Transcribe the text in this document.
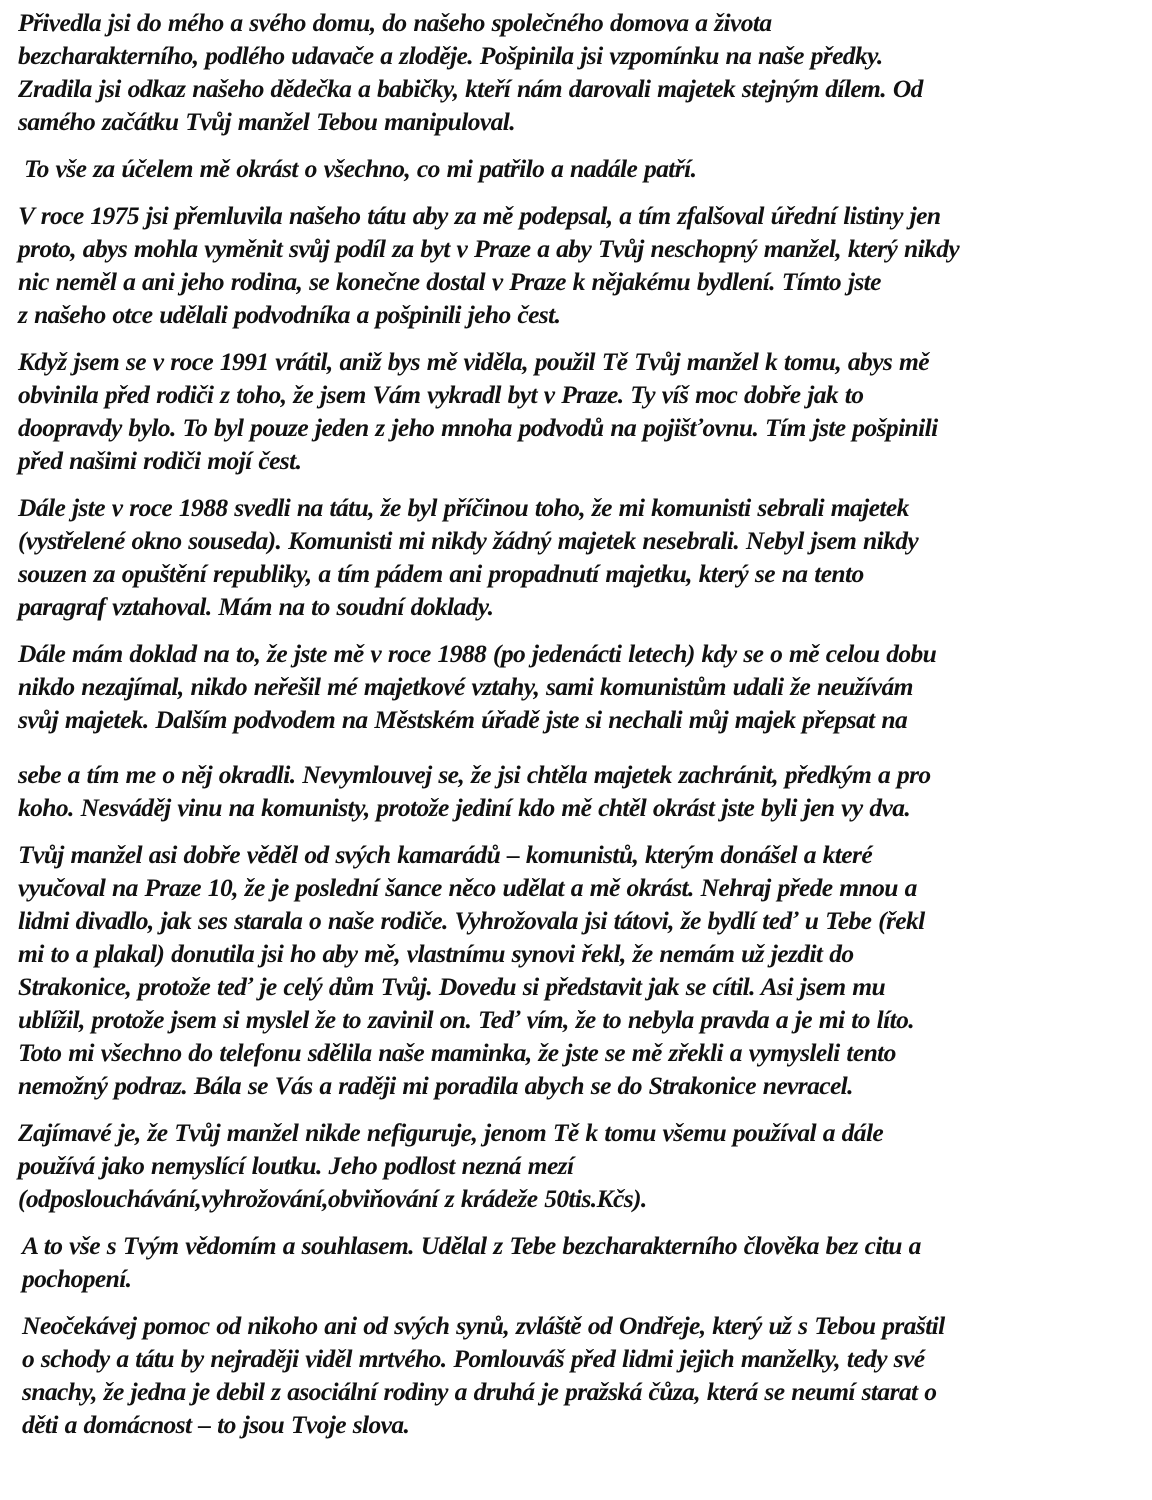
Přivedla jsi do mého a svého domu, do našeho společného domova a života
bezcharakterního, podlého udavače a zloděje. Pošpinila jsi vzpomínku na naše předky.
Zradila jsi odkaz našeho dědečka a babičky, kteří nám darovali majetek stejným dílem. Od
samého začátku Tvůj manžel Tebou manipuloval.
To vše za účelem mě okrást o všechno, co mi patřilo a nadále patří.
V roce 1975 jsi přemluvila našeho tátu aby za mě podepsal, a tím zfalšoval úřední listiny jen
proto, abys mohla vyměnit svůj podíl za byt v Praze a aby Tvůj neschopný manžel, který nikdy
nic neměl a ani jeho rodina, se konečne dostal v Praze k nějakému bydlení. Tímto jste
z našeho otce udělali podvodníka a pošpinili jeho čest.
Když jsem se v roce 1991 vrátil, aniž bys mě viděla, použil Tě Tvůj manžel k tomu, abys mě
obvinila před rodiči z toho, že jsem Vám vykradl byt v Praze. Ty víš moc dobře jak to
doopravdy bylo. To byl pouze jeden z jeho mnoha podvodů na pojišťovnu. Tím jste pošpinili
před našimi rodiči mojí čest.
Dále jste v roce 1988 svedli na tátu, že byl příčinou toho, že mi komunisti sebrali majetek
(vystřelené okno souseda). Komunisti mi nikdy žádný majetek nesebrali. Nebyl jsem nikdy
souzen za opuštění republiky, a tím pádem ani propadnutí majetku, který se na tento
paragraf vztahoval. Mám na to soudní doklady.
Dále mám doklad na to, že jste mě v roce 1988 (po jedenácti letech) kdy se o mě celou dobu
nikdo nezajímal, nikdo neřešil mé majetkové vztahy, sami komunistům udali že neužívám
svůj majetek. Dalším podvodem na Městském úřadě jste si nechali můj majek přepsat na
sebe a tím me o něj okradli. Nevymlouvej se, že jsi chtěla majetek zachránit, předkým a pro
koho. Nesváděj vinu na komunisty, protože jediní kdo mě chtěl okrást jste byli jen vy dva.
Tvůj manžel asi dobře věděl od svých kamarádů – komunistů, kterým donášel a které
vyučoval na Praze 10, že je poslední šance něco udělat a mě okrást. Nehraj přede mnou a
lidmi divadlo, jak ses starala o naše rodiče. Vyhrožovala jsi tátovi, že bydlí teď u Tebe (řekl
mi to a plakal) donutila jsi ho aby mě, vlastnímu synovi řekl, že nemám už jezdit do
Strakonice, protože teď je celý dům Tvůj. Dovedu si představit jak se cítil. Asi jsem mu
ublížil, protože jsem si myslel že to zavinil on. Teď vím, že to nebyla pravda a je mi to líto.
Toto mi všechno do telefonu sdělila naše maminka, že jste se mě zřekli a vymysleli tento
nemožný podraz. Bála se Vás a raději mi poradila abych se do Strakonice nevracel.
Zajímavé je, že Tvůj manžel nikde nefiguruje, jenom Tě k tomu všemu používal a dále
používá jako nemyslící loutku. Jeho podlost nezná mezí
(odposlouchávání,vyhrožování,obviňování z krádeže 50tis.Kčs).
A to vše s Tvým vědomím a souhlasem. Udělal z Tebe bezcharakterního člověka bez citu a
pochopení.
Neočekávej pomoc od nikoho ani od svých synů, zvláště od Ondřeje, který už s Tebou praštil
o schody a tátu by nejraději viděl mrtvého. Pomlouváš před lidmi jejich manželky, tedy své
snachy, že jedna je debil z asociální rodiny a druhá je pražská čůza, která se neumí starat o
děti a domácnost – to jsou Tvoje slova.
